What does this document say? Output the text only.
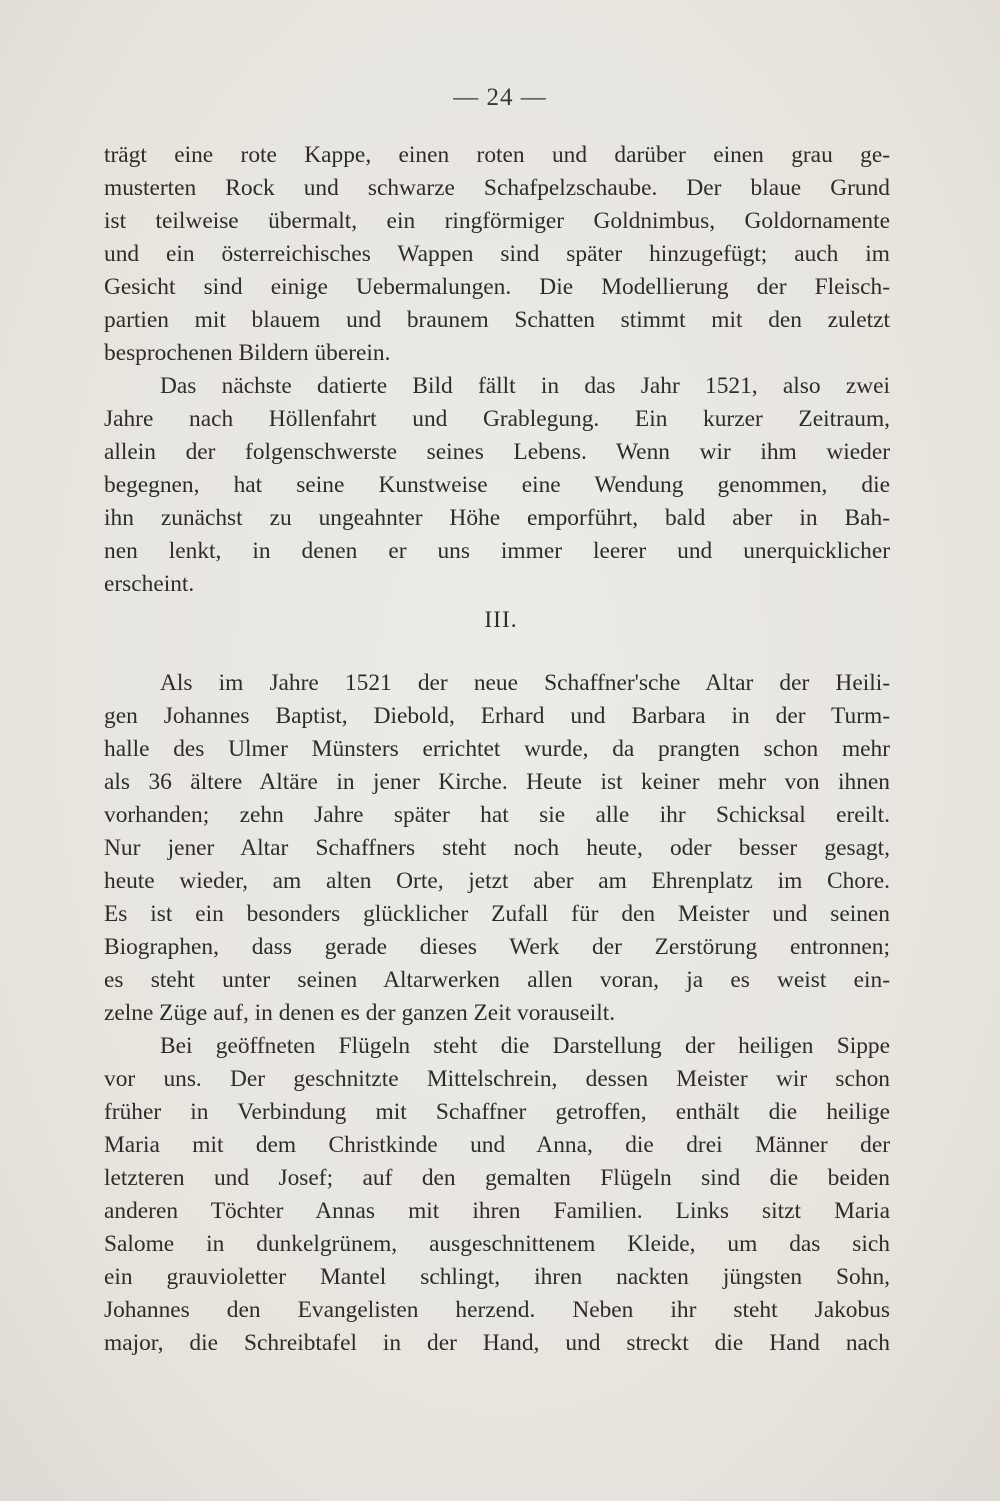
— 24 —
trägt eine rote Kappe, einen roten und darüber einen grau ge-
musterten Rock und schwarze Schafpelzschaube. Der blaue Grund
ist teilweise übermalt, ein ringförmiger Goldnimbus, Goldornamente
und ein österreichisches Wappen sind später hinzugefügt; auch im
Gesicht sind einige Uebermalungen. Die Modellierung der Fleisch-
partien mit blauem und braunem Schatten stimmt mit den zuletzt
besprochenen Bildern überein.
Das nächste datierte Bild fällt in das Jahr 1521, also zwei
Jahre nach Höllenfahrt und Grablegung. Ein kurzer Zeitraum,
allein der folgenschwerste seines Lebens. Wenn wir ihm wieder
begegnen, hat seine Kunstweise eine Wendung genommen, die
ihn zunächst zu ungeahnter Höhe emporführt, bald aber in Bah-
nen lenkt, in denen er uns immer leerer und unerquicklicher
erscheint.
III.
Als im Jahre 1521 der neue Schaffner'sche Altar der Heili-
gen Johannes Baptist, Diebold, Erhard und Barbara in der Turm-
halle des Ulmer Münsters errichtet wurde, da prangten schon mehr
als 36 ältere Altäre in jener Kirche. Heute ist keiner mehr von ihnen
vorhanden; zehn Jahre später hat sie alle ihr Schicksal ereilt.
Nur jener Altar Schaffners steht noch heute, oder besser gesagt,
heute wieder, am alten Orte, jetzt aber am Ehrenplatz im Chore.
Es ist ein besonders glücklicher Zufall für den Meister und seinen
Biographen, dass gerade dieses Werk der Zerstörung entronnen;
es steht unter seinen Altarwerken allen voran, ja es weist ein-
zelne Züge auf, in denen es der ganzen Zeit vorauseilt.
Bei geöffneten Flügeln steht die Darstellung der heiligen Sippe
vor uns. Der geschnitzte Mittelschrein, dessen Meister wir schon
früher in Verbindung mit Schaffner getroffen, enthält die heilige
Maria mit dem Christkinde und Anna, die drei Männer der
letzteren und Josef; auf den gemalten Flügeln sind die beiden
anderen Töchter Annas mit ihren Familien. Links sitzt Maria
Salome in dunkelgrünem, ausgeschnittenem Kleide, um das sich
ein grauvioletter Mantel schlingt, ihren nackten jüngsten Sohn,
Johannes den Evangelisten herzend. Neben ihr steht Jakobus
major, die Schreibtafel in der Hand, und streckt die Hand nach
